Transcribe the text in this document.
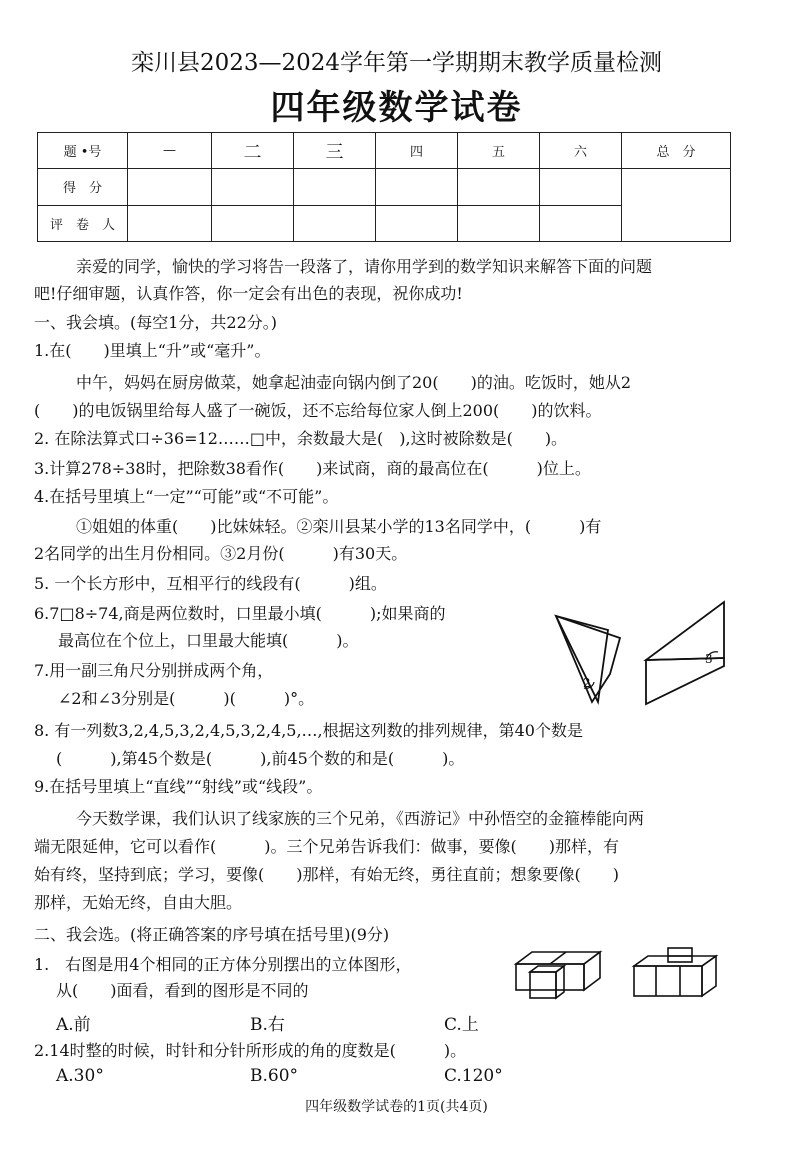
栾川县2023—2024学年第一学期期末教学质量检测
四年级数学试卷
题 •号	—	二	三	四	五	六	总　分
得　分							
评　卷　人							
亲爱的同学，愉快的学习将告一段落了，请你用学到的数学知识来解答下面的问题
吧!仔细审题，认真作答，你一定会有出色的表现，祝你成功!
一、我会填。(每空1分，共22分。)
1.在(　　)里填上“升”或“毫升”。
中午，妈妈在厨房做菜，她拿起油壶向锅内倒了20(　　)的油。吃饭时，她从2
(　　)的电饭锅里给每人盛了一碗饭，还不忘给每位家人倒上200(　　)的饮料。
2. 在除法算式口÷36=12……□中，余数最大是(　),这时被除数是(　　)。
3.计算278÷38时，把除数38看作(　　)来试商，商的最高位在(　　　)位上。
4.在括号里填上“一定”“可能”或“不可能”。
①姐姐的体重(　　)比妹妹轻。②栾川县某小学的13名同学中，(　　　)有
2名同学的出生月份相同。③2月份(　　　)有30天。
5. 一个长方形中，互相平行的线段有(　　　)组。
6.7□8÷74,商是两位数时，口里最小填(　　　);如果商的
最高位在个位上，口里最大能填(　　　)。
7.用一副三角尺分别拼成两个角，
∠2和∠3分别是(　　　)(　　　)°。
2
3
8. 有一列数3,2,4,5,3,2,4,5,3,2,4,5,…,根据这列数的排列规律，第40个数是
(　　　),第45个数是(　　　),前45个数的和是(　　　)。
9.在括号里填上“直线”“射线”或“线段”。
今天数学课，我们认识了线家族的三个兄弟，《西游记》中孙悟空的金箍棒能向两
端无限延伸，它可以看作(　　　)。三个兄弟告诉我们：做事，要像(　　)那样，有
始有终，坚持到底；学习，要像(　　)那样，有始无终，勇往直前；想象要像(　　)
那样，无始无终，自由大胆。
二、我会选。(将正确答案的序号填在括号里)(9分)
1.　右图是用4个相同的正方体分别摆出的立体图形，
从(　　)面看，看到的图形是不同的
A.前	B.右	C.上
2.14时整的时候，时针和分针所形成的角的度数是(　　　)。
A.30°	B.60°	C.120°
四年级数学试卷的1页(共4页)
